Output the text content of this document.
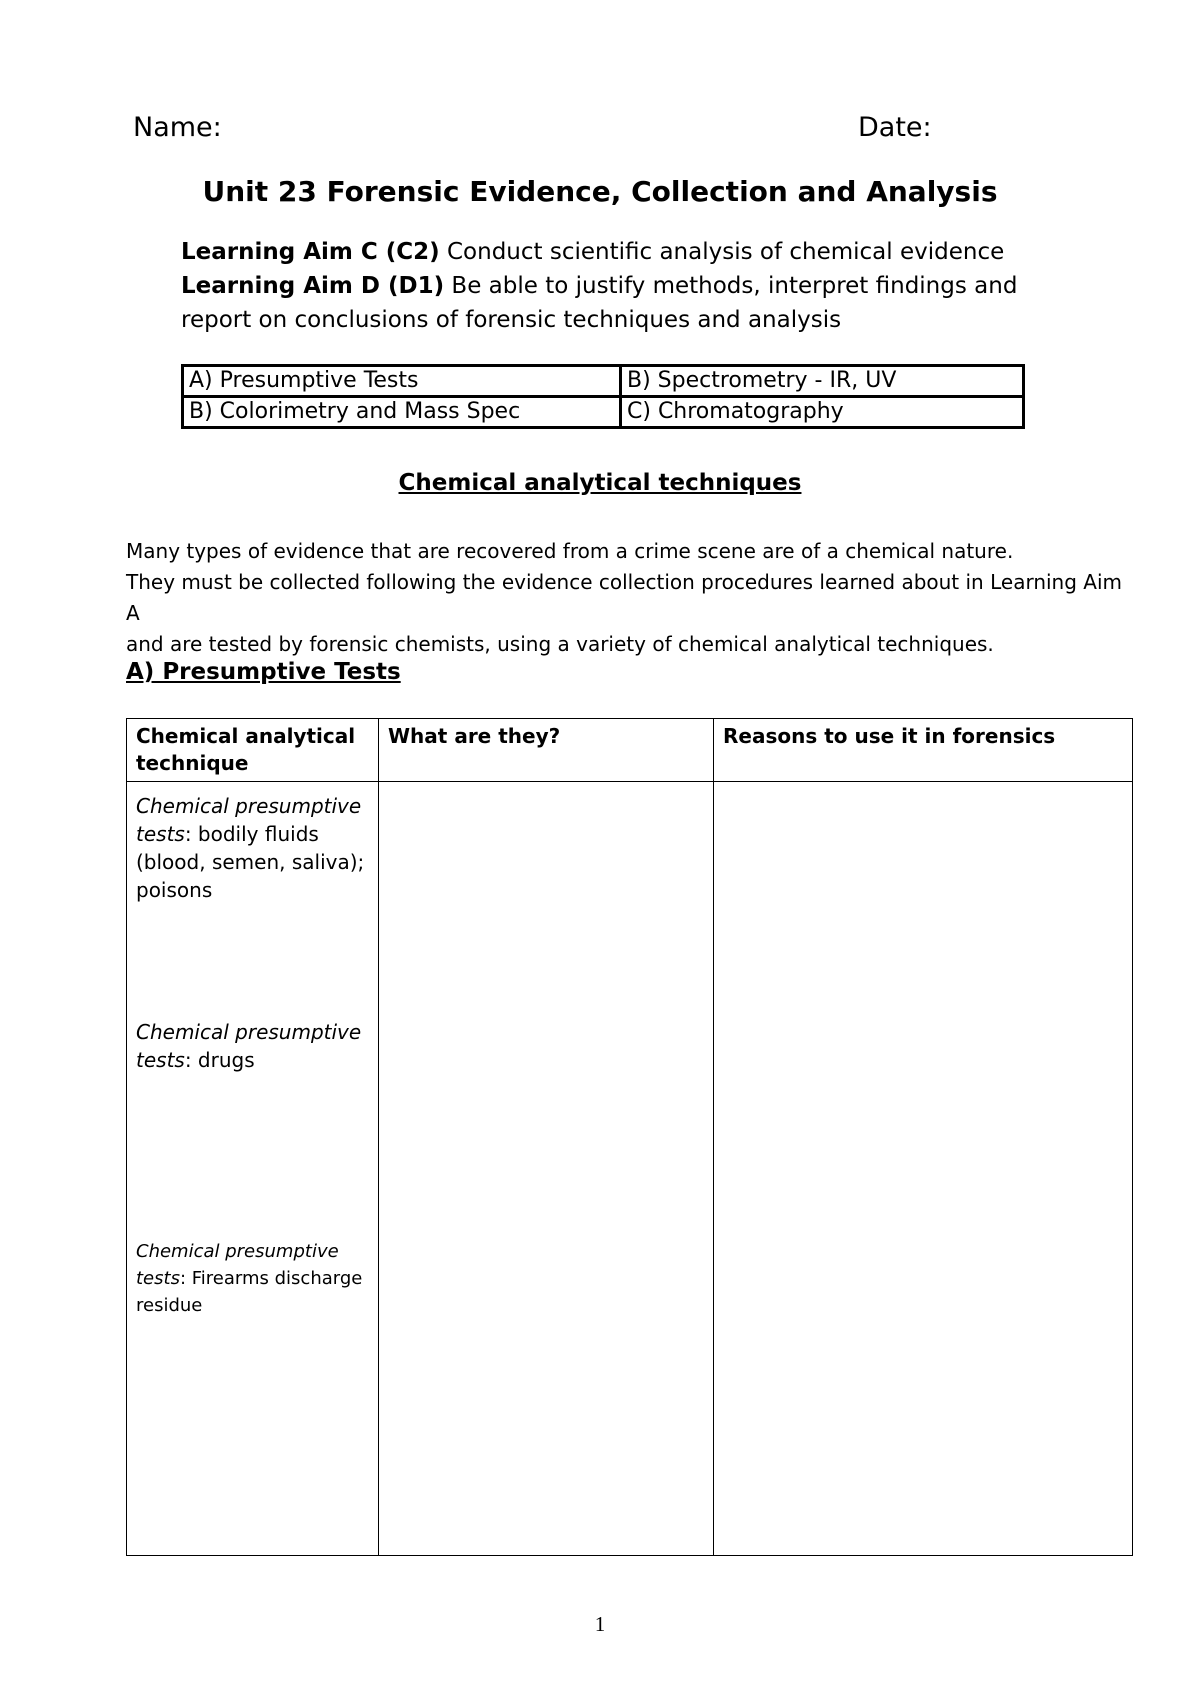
Name:	Date:
Unit 23 Forensic Evidence, Collection and Analysis
Learning Aim C (C2) Conduct scientific analysis of chemical evidence
Learning Aim D (D1) Be able to justify methods, interpret findings and
report on conclusions of forensic techniques and analysis
A) Presumptive Tests	B) Spectrometry - IR, UV
B) Colorimetry and Mass Spec	C) Chromatography
Chemical analytical techniques

Many types of evidence that are recovered from a crime scene are of a chemical nature.

They must be collected following the evidence collection procedures learned about in Learning Aim A

and are tested by forensic chemists, using a variety of chemical analytical techniques.

A) Presumptive Tests
Chemical analytical technique	What are they?	Reasons to use it in forensics

Chemical presumptive tests: bodily fluids (blood, semen, saliva); poisons
Chemical presumptive tests: drugs
Chemical presumptive tests: Firearms discharge residue		

1
